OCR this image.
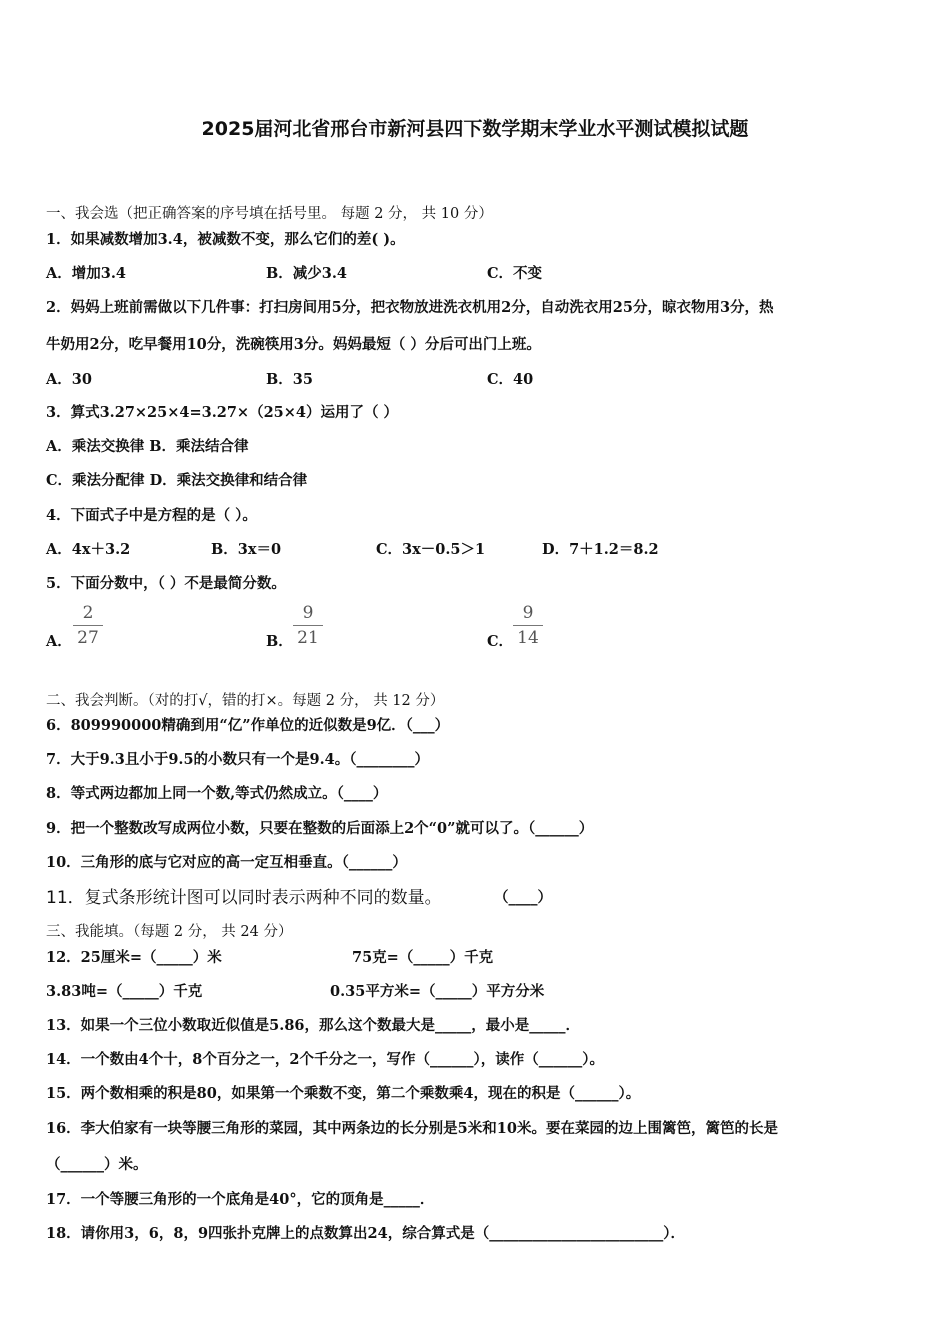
2025届河北省邢台市新河县四下数学期末学业水平测试模拟试题
一、我会选（把正确答案的序号填在括号里。 每题 2 分， 共 10 分）
1．如果减数增加3.4，被减数不变，那么它们的差( )。
A．增加3.4	B．减少3.4	C．不变
2．妈妈上班前需做以下几件事：打扫房间用5分，把衣物放进洗衣机用2分，自动洗衣用25分，晾衣物用3分，热
牛奶用2分，吃早餐用10分，洗碗筷用3分。妈妈最短（ ）分后可出门上班。
A．30	B．35	C．40
3．算式3.27×25×4=3.27×（25×4）运用了（ ）
A．乘法交换律 B．乘法结合律
C．乘法分配律 D．乘法交换律和结合律
4．下面式子中是方程的是（ ）。
A．4x＋3.2	B．3x＝0	C．3x－0.5＞1	D．7＋1.2＝8.2
5．下面分数中，（ ）不是最简分数。
A．
2
27	B．
9
21	C．
9
14
二、我会判断。（对的打√，错的打×。每题 2 分， 共 12 分）
6．809990000精确到用“亿”作单位的近似数是9亿．（___）
7．大于9.3且小于9.5的小数只有一个是9.4。（________）
8．等式两边都加上同一个数,等式仍然成立。（____）
9．把一个整数改写成两位小数，只要在整数的后面添上2个“0”就可以了。（______）
10．三角形的底与它对应的高一定互相垂直。（______）
11．复式条形统计图可以同时表示两种不同的数量。	（____）
三、我能填。（每题 2 分， 共 24 分）
12．25厘米=（_____）米	75克=（_____）千克
3.83吨=（_____）千克	0.35平方米=（_____）平方分米
13．如果一个三位小数取近似值是5.86，那么这个数最大是_____，最小是_____．
14．一个数由4个十，8个百分之一，2个千分之一，写作（______），读作（______）。
15．两个数相乘的积是80，如果第一个乘数不变，第二个乘数乘4，现在的积是（______）。
16．李大伯家有一块等腰三角形的菜园，其中两条边的长分别是5米和10米。要在菜园的边上围篱笆，篱笆的长是
（______）米。
17．一个等腰三角形的一个底角是40°，它的顶角是_____．
18．请你用3，6，8，9四张扑克牌上的点数算出24，综合算式是（________________________）．
